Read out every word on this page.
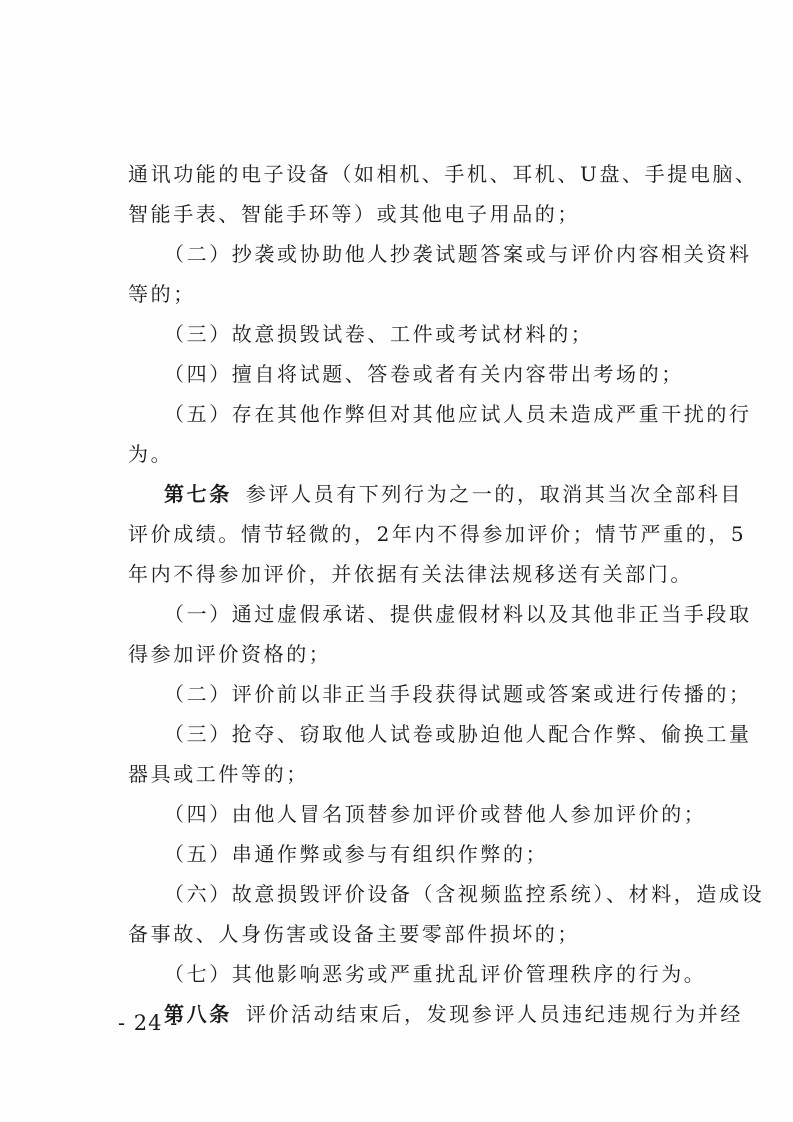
通讯功能的电子设备（如相机、手机、耳机、U盘、手提电脑、
智能手表、智能手环等）或其他电子用品的；
（二）抄袭或协助他人抄袭试题答案或与评价内容相关资料
等的；
（三）故意损毁试卷、工件或考试材料的；
（四）擅自将试题、答卷或者有关内容带出考场的；
（五）存在其他作弊但对其他应试人员未造成严重干扰的行
为。
第七条 参评人员有下列行为之一的，取消其当次全部科目
评价成绩。情节轻微的，2年内不得参加评价；情节严重的，5
年内不得参加评价，并依据有关法律法规移送有关部门。
（一）通过虚假承诺、提供虚假材料以及其他非正当手段取
得参加评价资格的；
（二）评价前以非正当手段获得试题或答案或进行传播的；
（三）抢夺、窃取他人试卷或胁迫他人配合作弊、偷换工量
器具或工件等的；
（四）由他人冒名顶替参加评价或替他人参加评价的；
（五）串通作弊或参与有组织作弊的；
（六）故意损毁评价设备（含视频监控系统）、材料，造成设
备事故、人身伤害或设备主要零部件损坏的；
（七）其他影响恶劣或严重扰乱评价管理秩序的行为。
第八条 评价活动结束后，发现参评人员违纪违规行为并经
- 24 -
